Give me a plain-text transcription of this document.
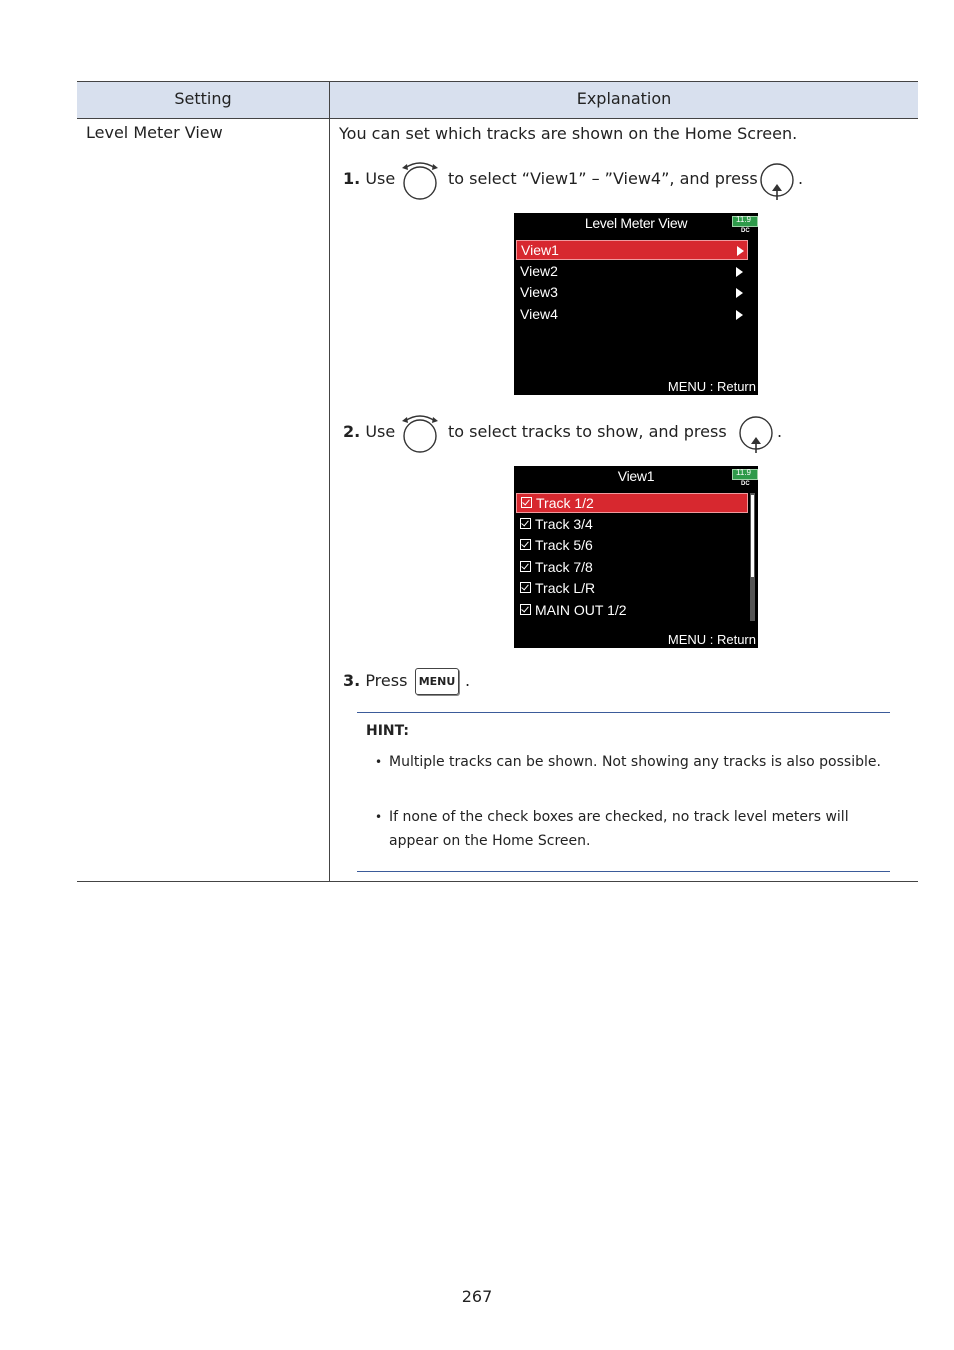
Setting	Explanation
Level Meter View	You can set which tracks are shown on the Home Screen.
1. Use	to select “View1” – ”View4”, and press	.
Level Meter View	11.9
DC
View1
View2
View3
View4
MENU : Return
2. Use	to select tracks to show, and press	.
View1	11.9
DC
Track 1/2
Track 3/4
Track 5/6
Track 7/8
Track L/R
MAIN OUT 1/2
MENU : Return
3. Press	MENU .
HINT:
• Multiple tracks can be shown. Not showing any tracks is also possible.
• If none of the check boxes are checked, no track level meters will appear on the Home Screen.
267
